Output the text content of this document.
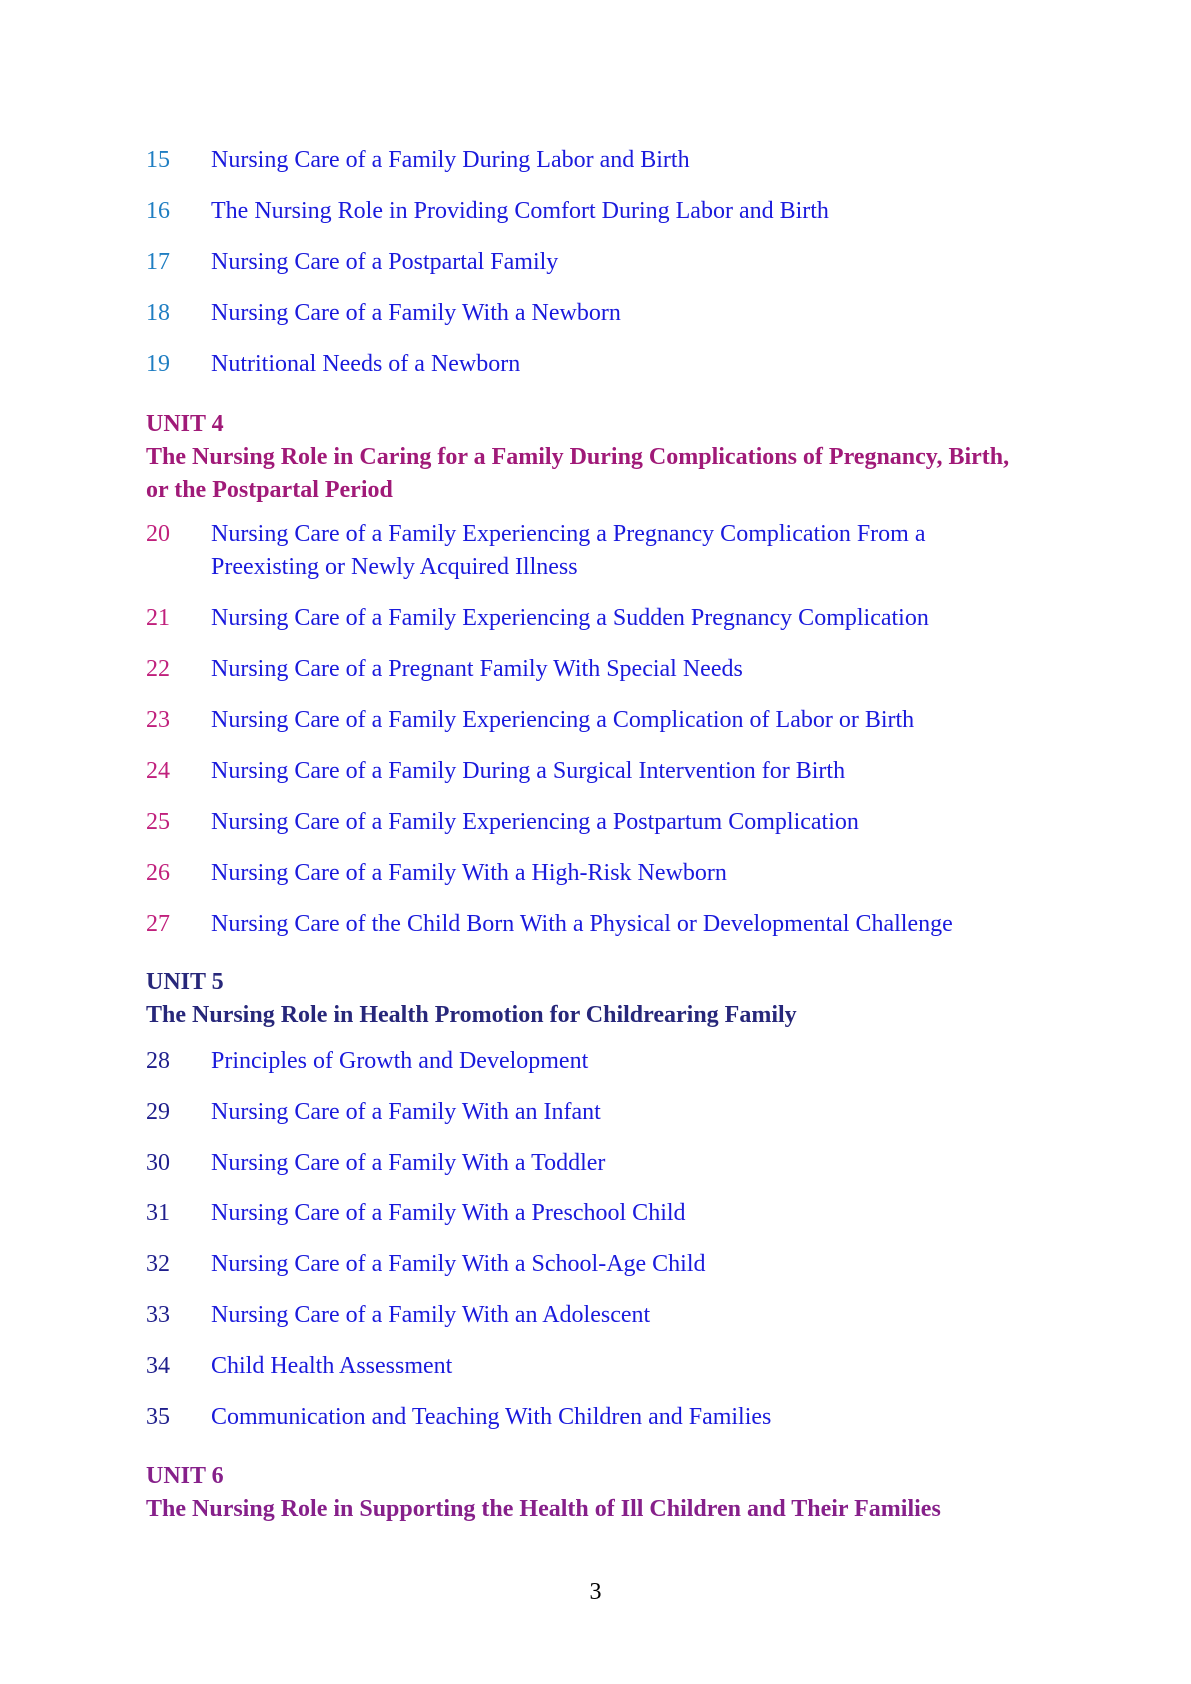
15	Nursing Care of a Family During Labor and Birth
16	The Nursing Role in Providing Comfort During Labor and Birth
17	Nursing Care of a Postpartal Family
18	Nursing Care of a Family With a Newborn
19	Nutritional Needs of a Newborn
UNIT 4
The Nursing Role in Caring for a Family During Complications of Pregnancy, Birth, or the Postpartal Period
20	Nursing Care of a Family Experiencing a Pregnancy Complication From a Preexisting or Newly Acquired Illness
21	Nursing Care of a Family Experiencing a Sudden Pregnancy Complication
22	Nursing Care of a Pregnant Family With Special Needs
23	Nursing Care of a Family Experiencing a Complication of Labor or Birth
24	Nursing Care of a Family During a Surgical Intervention for Birth
25	Nursing Care of a Family Experiencing a Postpartum Complication
26	Nursing Care of a Family With a High-Risk Newborn
27	Nursing Care of the Child Born With a Physical or Developmental Challenge
UNIT 5
The Nursing Role in Health Promotion for Childrearing Family
28	Principles of Growth and Development
29	Nursing Care of a Family With an Infant
30	Nursing Care of a Family With a Toddler
31	Nursing Care of a Family With a Preschool Child
32	Nursing Care of a Family With a School-Age Child
33	Nursing Care of a Family With an Adolescent
34	Child Health Assessment
35	Communication and Teaching With Children and Families
UNIT 6
The Nursing Role in Supporting the Health of Ill Children and Their Families
3
